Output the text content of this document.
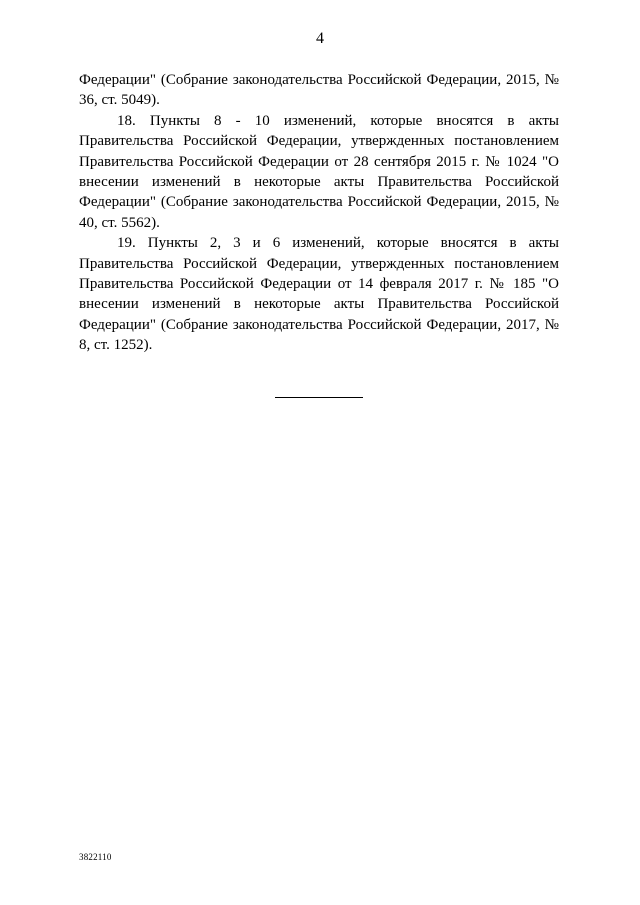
4

Федерации" (Собрание законодательства Российской Федерации, 2015, № 36, ст. 5049).

18. Пункты 8 - 10 изменений, которые вносятся в акты Правительства Российской Федерации, утвержденных постановлением Правительства Российской Федерации от 28 сентября 2015 г. № 1024 "О внесении изменений в некоторые акты Правительства Российской Федерации" (Собрание законодательства Российской Федерации, 2015, № 40, ст. 5562).

19. Пункты 2, 3 и 6 изменений, которые вносятся в акты Правительства Российской Федерации, утвержденных постановлением Правительства Российской Федерации от 14 февраля 2017 г. № 185 "О внесении изменений в некоторые акты Правительства Российской Федерации" (Собрание законодательства Российской Федерации, 2017, № 8, ст. 1252).

3822110
